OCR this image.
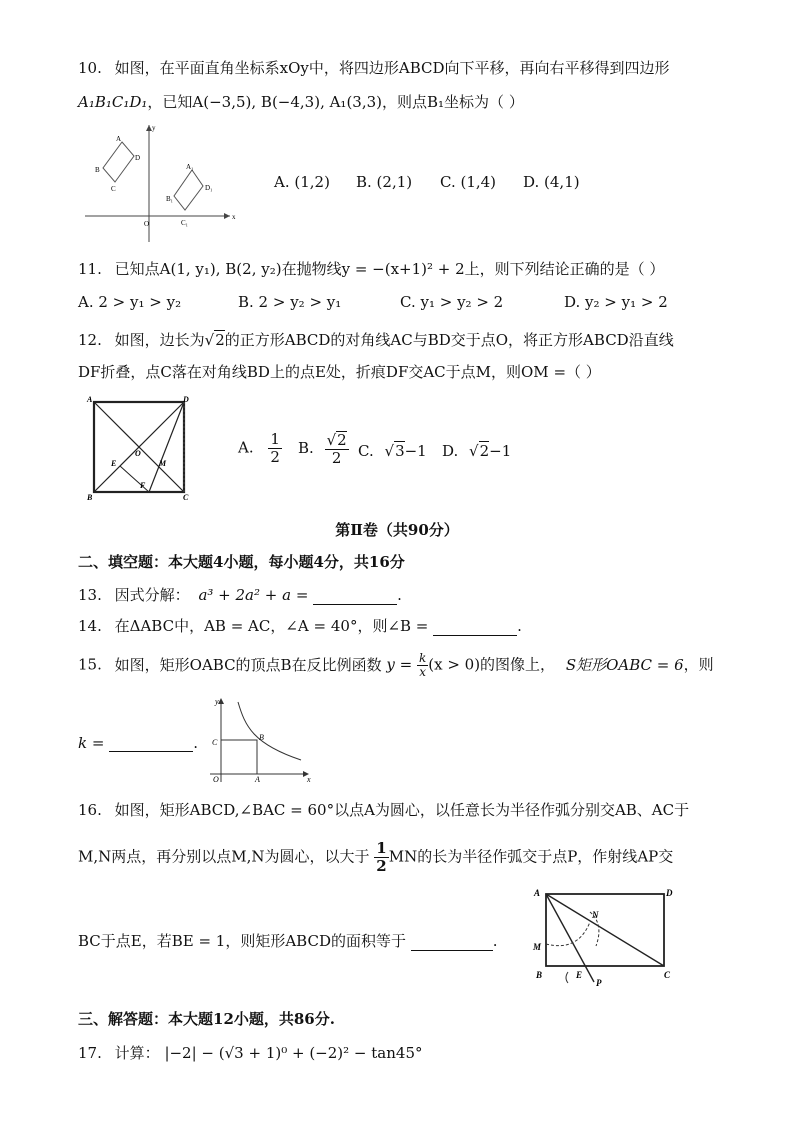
10. 如图，在平面直角坐标系xOy中，将四边形ABCD向下平移，再向右平移得到四边形
A₁B₁C₁D₁，已知A(−3,5), B(−4,3), A₁(3,3)，则点B₁坐标为（ ）
y
x
O
A
D
B
C
A₁
D₁
B₁
C₁
A. (1,2) B. (2,1) C. (1,4) D. (4,1)
11. 已知点A(1, y₁), B(2, y₂)在抛物线y = −(x+1)² + 2上，则下列结论正确的是（ ）
A. 2 > y₁ > y₂	B. 2 > y₂ > y₁	C. y₁ > y₂ > 2	D. y₂ > y₁ > 2
12. 如图，边长为√2的正方形ABCD的对角线AC与BD交于点O，将正方形ABCD沿直线
DF折叠，点C落在对角线BD上的点E处，折痕DF交AC于点M，则OM =（ ）
A	D
B	C
O
E	M
F
A. $\frac{1}{2} B$. $\frac{√2}{2} C$. √3−1 D. √2−1
第Ⅱ卷（共90分）
二、填空题：本大题4小题，每小题4分，共16分
13. 因式分解： a³ + 2a² + a =	.
14. 在ΔABC中，AB = AC，∠A = 40°，则∠B =	.
15. 如图，矩形OABC的顶点B在反比例函数 $y = \frac{k}{x} (x > 0)$的图像上， S矩形OABC = 6，则
k =	.
y
C
B
O	A	x
16. 如图，矩形ABCD,∠BAC = 60°以点A为圆心，以任意长为半径作弧分别交AB、AC于
M,N两点，再分别以点M,N为圆心，以大于 $\frac{1}{2}$ MN的长为半径作弧交于点P，作射线AP交
BC于点E，若BE = 1，则矩形ABCD的面积等于	.
A	D
N
M
B	E
P
C
三、解答题：本大题12小题，共86分.
17. 计算： |−2| − (√3 + 1)⁰ + (−2)² − tan45°
